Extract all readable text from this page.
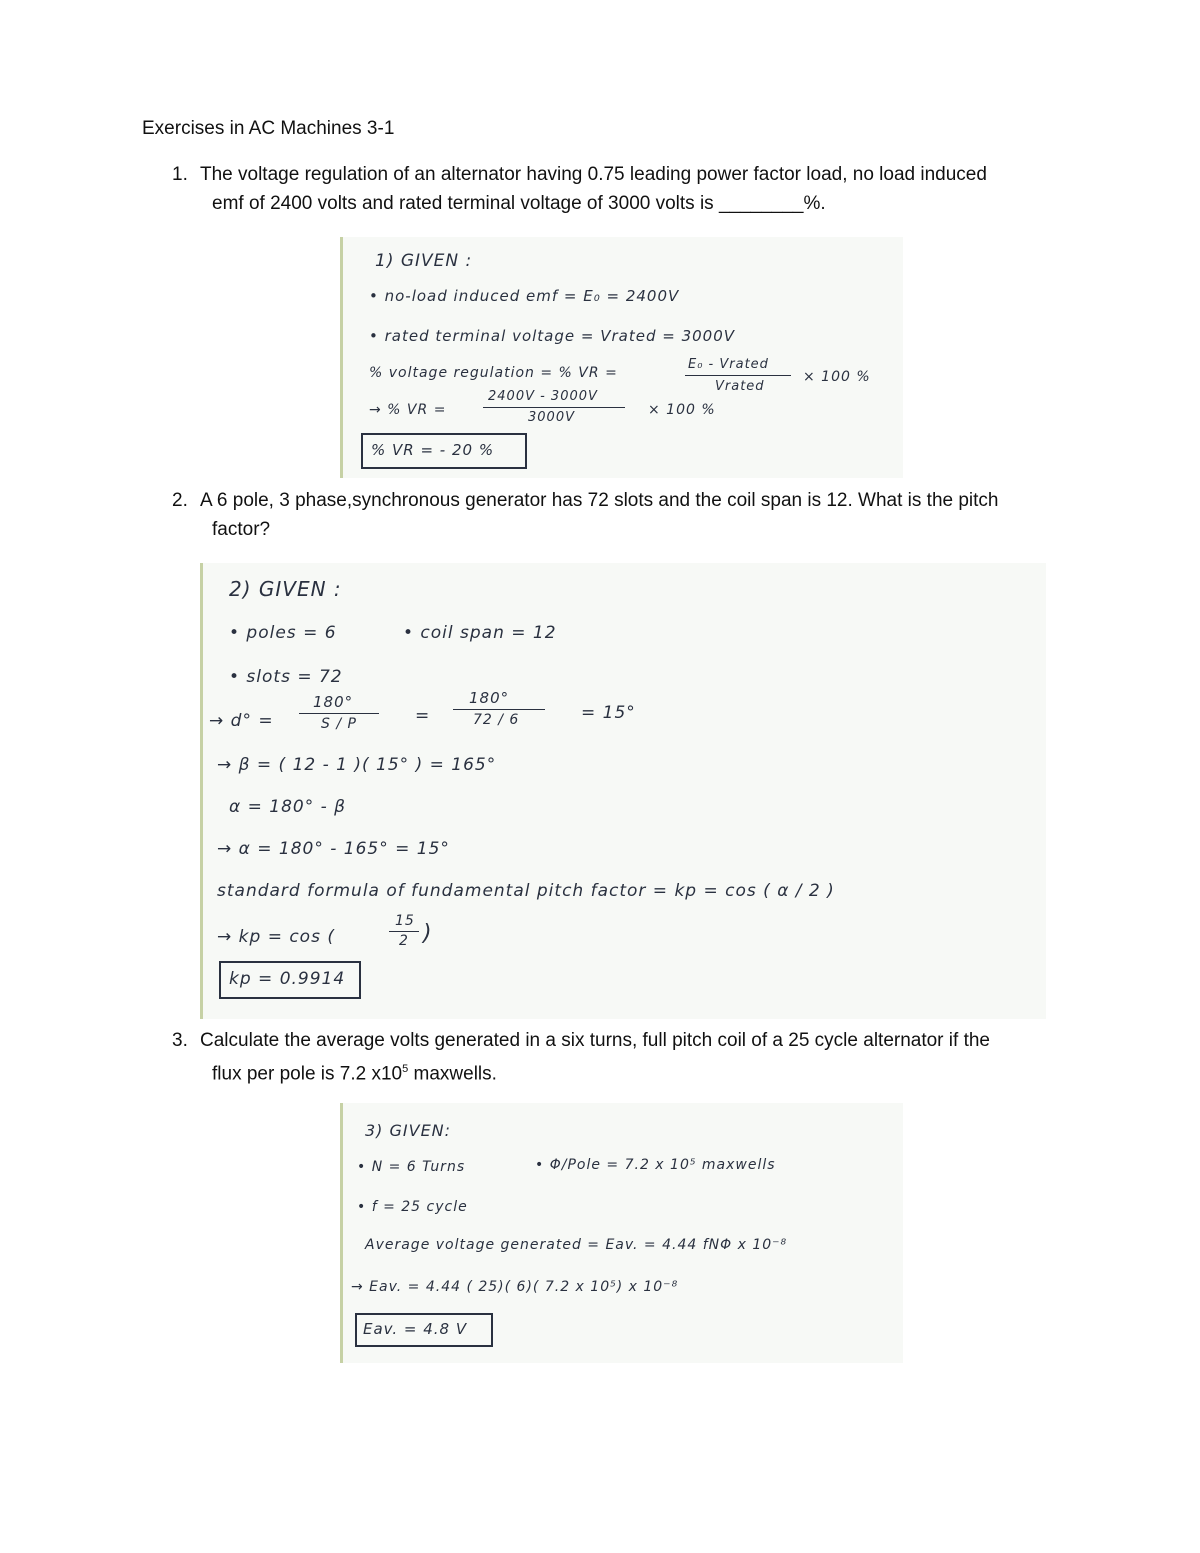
Exercises in AC Machines 3-1
1. The voltage regulation of an alternator having 0.75 leading power factor load, no load induced
emf of 2400 volts and rated terminal voltage of 3000 volts is ________%.
1) GIVEN :
• no-load induced emf = E₀ = 2400V
• rated terminal voltage = Vrated = 3000V
% voltage regulation = % VR =
E₀ - Vrated
Vrated
× 100 %
→ % VR =
2400V - 3000V
3000V	× 100 %
% VR = - 20 %
2. A 6 pole, 3 phase,synchronous generator has 72 slots and the coil span is 12. What is the pitch
factor?
2) GIVEN :
• poles = 6	• coil span = 12
• slots = 72
→ d° =
180°
S / P	=
180°
72 / 6	= 15°
→ β = ( 12 - 1 )( 15° ) = 165°
α = 180° - β
→ α = 180° - 165° = 15°
standard formula of fundamental pitch factor = kp = cos ( α / 2 )
→ kp = cos (
15
2 )
kp = 0.9914
3. Calculate the average volts generated in a six turns, full pitch coil of a 25 cycle alternator if the
flux per pole is 7.2 $x10^5$ maxwells.
3) GIVEN:
• N = 6 Turns	• Φ/Pole = 7.2 x 10⁵ maxwells
• f = 25 cycle
Average voltage generated = Eav. = 4.44 fNΦ x 10⁻⁸
→ Eav. = 4.44 ( 25)( 6)( 7.2 x 10⁵) x 10⁻⁸
Eav. = 4.8 V
